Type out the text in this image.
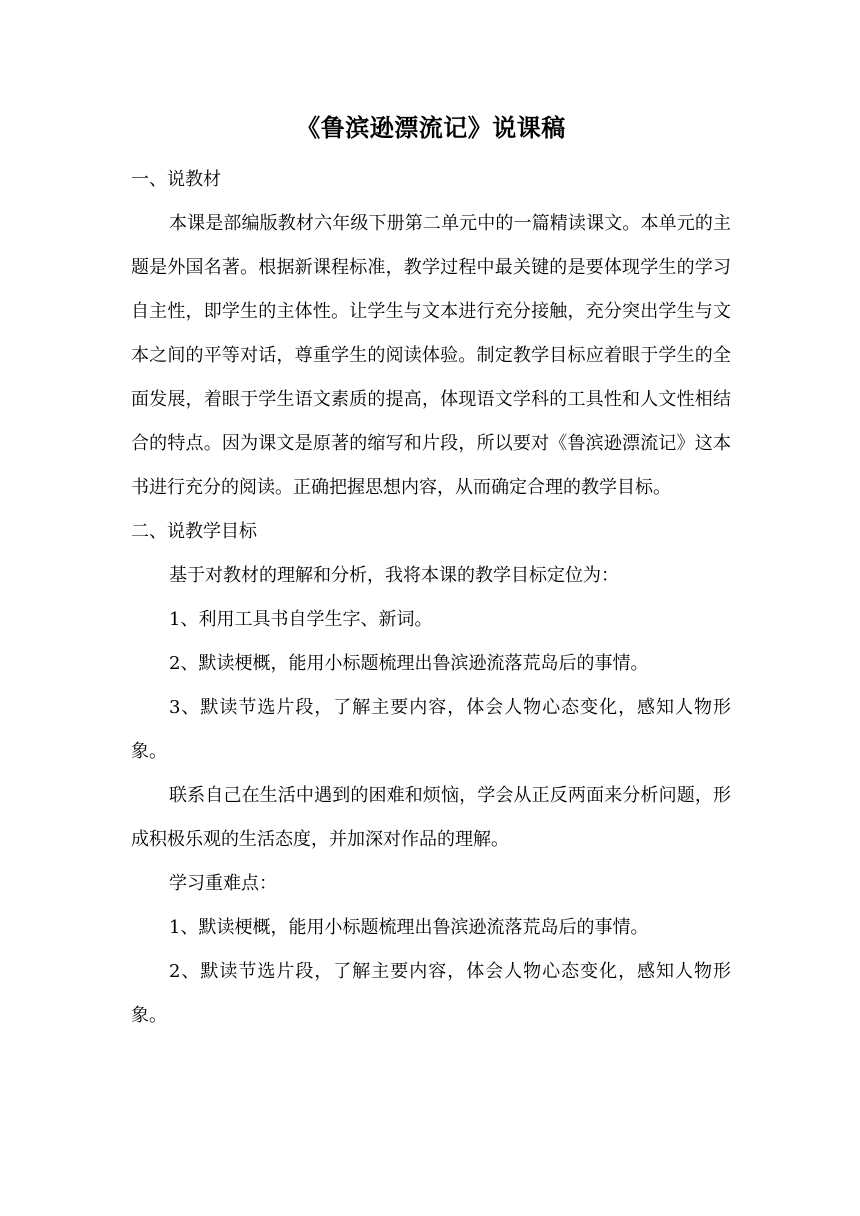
《鲁滨逊漂流记》说课稿

一、说教材

本课是部编版教材六年级下册第二单元中的一篇精读课文。本单元的主题是外国名著。根据新课程标准，教学过程中最关键的是要体现学生的学习自主性，即学生的主体性。让学生与文本进行充分接触，充分突出学生与文本之间的平等对话，尊重学生的阅读体验。制定教学目标应着眼于学生的全面发展，着眼于学生语文素质的提高，体现语文学科的工具性和人文性相结合的特点。因为课文是原著的缩写和片段，所以要对《鲁滨逊漂流记》这本书进行充分的阅读。正确把握思想内容，从而确定合理的教学目标。

二、说教学目标

基于对教材的理解和分析，我将本课的教学目标定位为：

1、利用工具书自学生字、新词。

2、默读梗概，能用小标题梳理出鲁滨逊流落荒岛后的事情。

3、默读节选片段，了解主要内容，体会人物心态变化，感知人物形象。

联系自己在生活中遇到的困难和烦恼，学会从正反两面来分析问题，形成积极乐观的生活态度，并加深对作品的理解。

学习重难点：

1、默读梗概，能用小标题梳理出鲁滨逊流落荒岛后的事情。

2、默读节选片段，了解主要内容，体会人物心态变化，感知人物形象。
